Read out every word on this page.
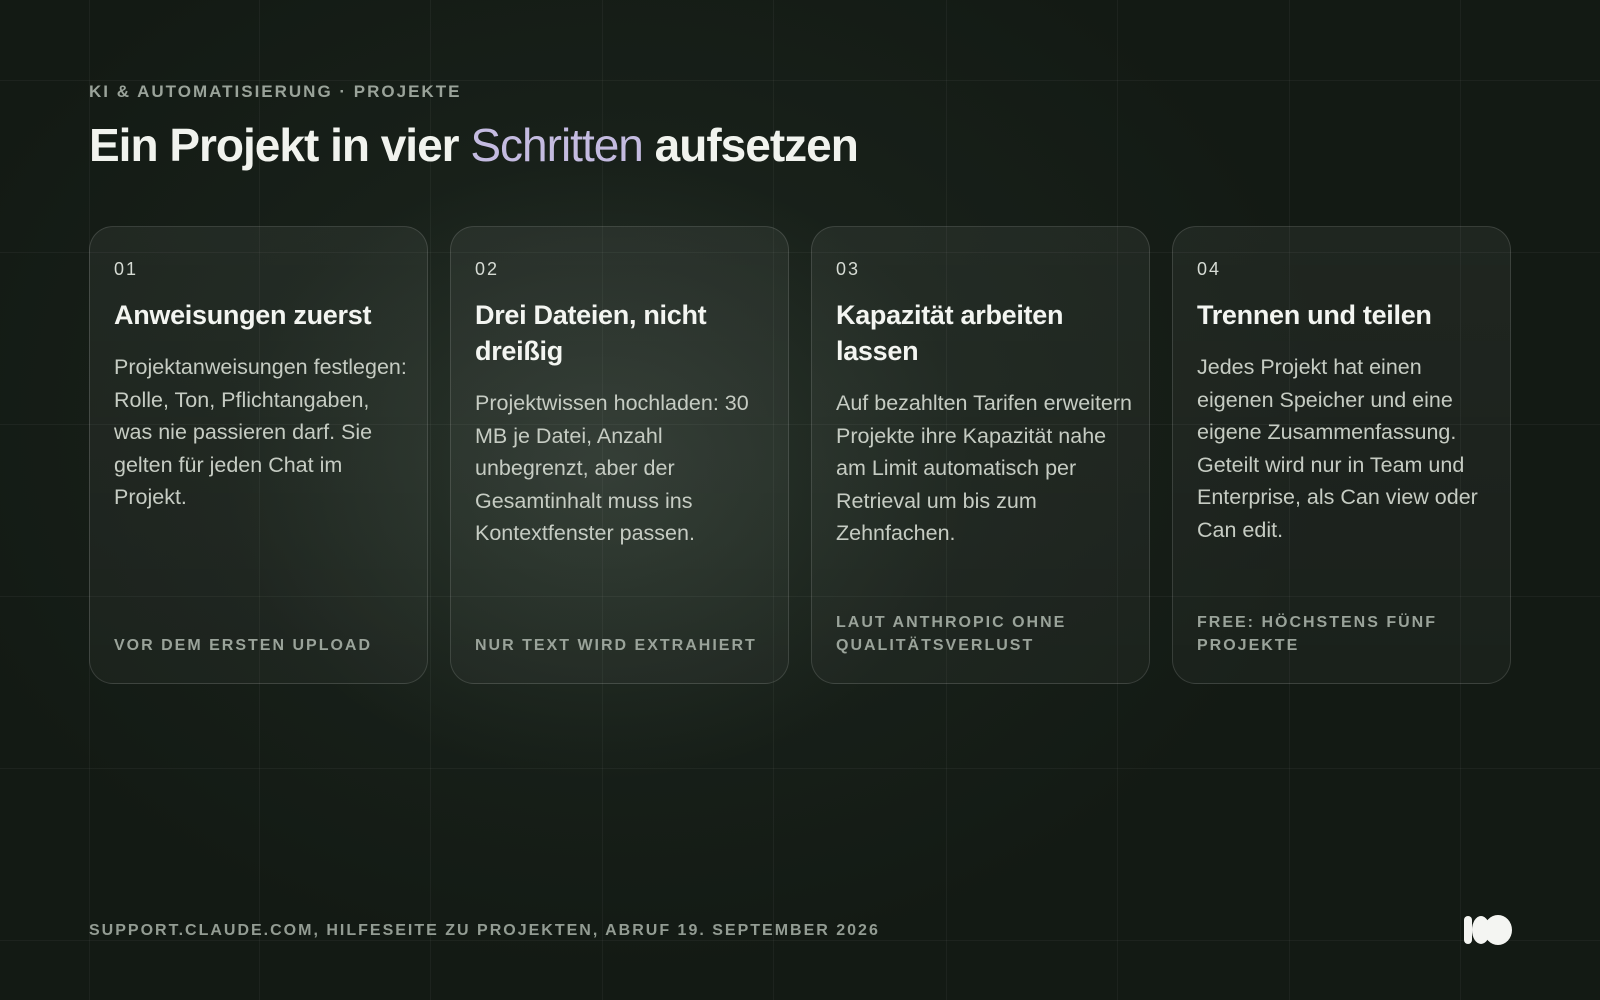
KI & AUTOMATISIERUNG · PROJEKTE
Ein Projekt in vier Schritten aufsetzen
01
Anweisungen zuerst
Projektanweisungen festlegen: Rolle, Ton, Pflichtangaben, was nie passieren darf. Sie gelten für jeden Chat im Projekt.
VOR DEM ERSTEN UPLOAD
02
Drei Dateien, nicht dreißig
Projektwissen hochladen: 30 MB je Datei, Anzahl unbegrenzt, aber der Gesamtinhalt muss ins Kontextfenster passen.
NUR TEXT WIRD EXTRAHIERT
03
Kapazität arbeiten lassen
Auf bezahlten Tarifen erweitern Projekte ihre Kapazität nahe am Limit automatisch per Retrieval um bis zum Zehnfachen.
LAUT ANTHROPIC OHNE QUALITÄTSVERLUST
04
Trennen und teilen
Jedes Projekt hat einen eigenen Speicher und eine eigene Zusammenfassung. Geteilt wird nur in Team und Enterprise, als Can view oder Can edit.
FREE: HÖCHSTENS FÜNF PROJEKTE
SUPPORT.CLAUDE.COM, HILFESEITE ZU PROJEKTEN, ABRUF 19. SEPTEMBER 2026
